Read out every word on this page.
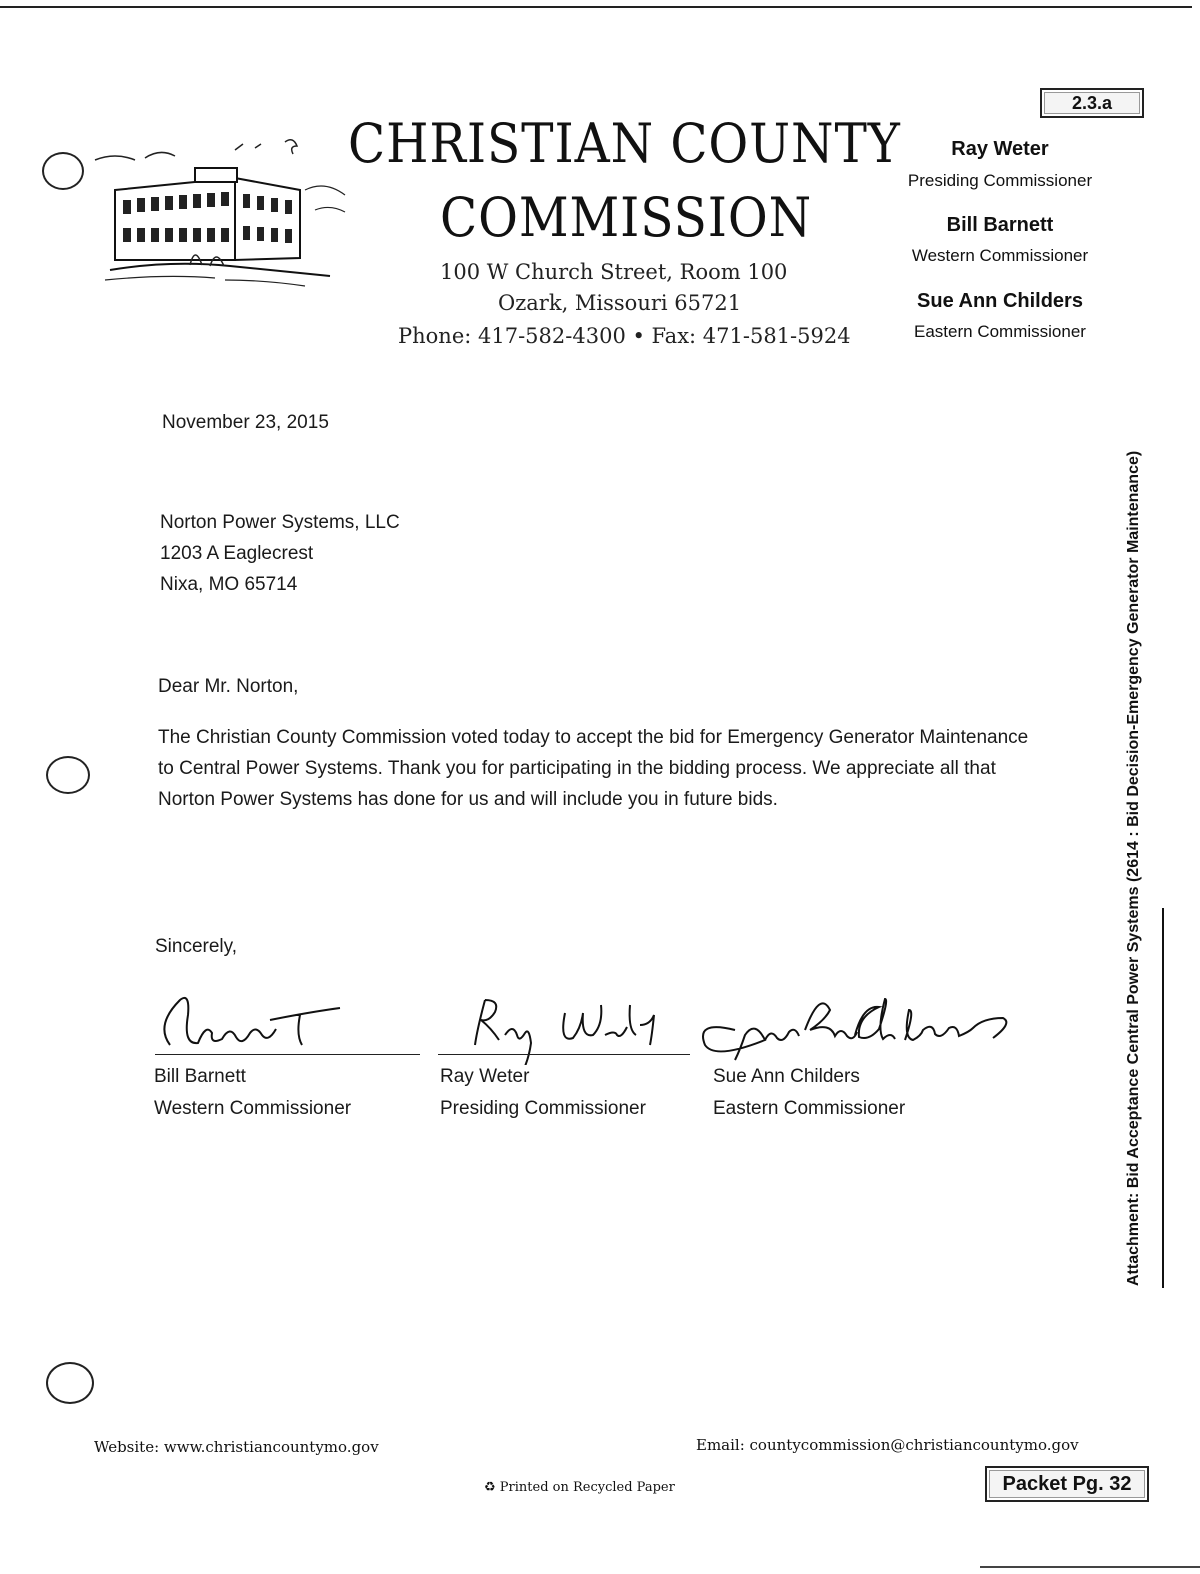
2.3.a
CHRISTIAN COUNTY
COMMISSION
100 W Church Street, Room 100
Ozark, Missouri 65721
Phone: 417-582-4300 • Fax: 471-581-5924
Ray Weter
Presiding Commissioner
Bill Barnett
Western Commissioner
Sue Ann Childers
Eastern Commissioner
November 23, 2015
Norton Power Systems, LLC
1203 A Eaglecrest
Nixa, MO 65714
Dear Mr. Norton,
The Christian County Commission voted today to accept the bid for Emergency Generator Maintenance to Central Power Systems. Thank you for participating in the bidding process. We appreciate all that Norton Power Systems has done for us and will include you in future bids.
Sincerely,
Bill Barnett
Western Commissioner
Ray Weter
Presiding Commissioner
Sue Ann Childers
Eastern Commissioner	Attachment: Bid Acceptance Central Power Systems (2614 : Bid Decision-Emergency Generator Maintenance)
Website: www.christiancountymo.gov	Email: countycommission@christiancountymo.gov
♻ Printed on Recycled Paper	Packet Pg. 32
